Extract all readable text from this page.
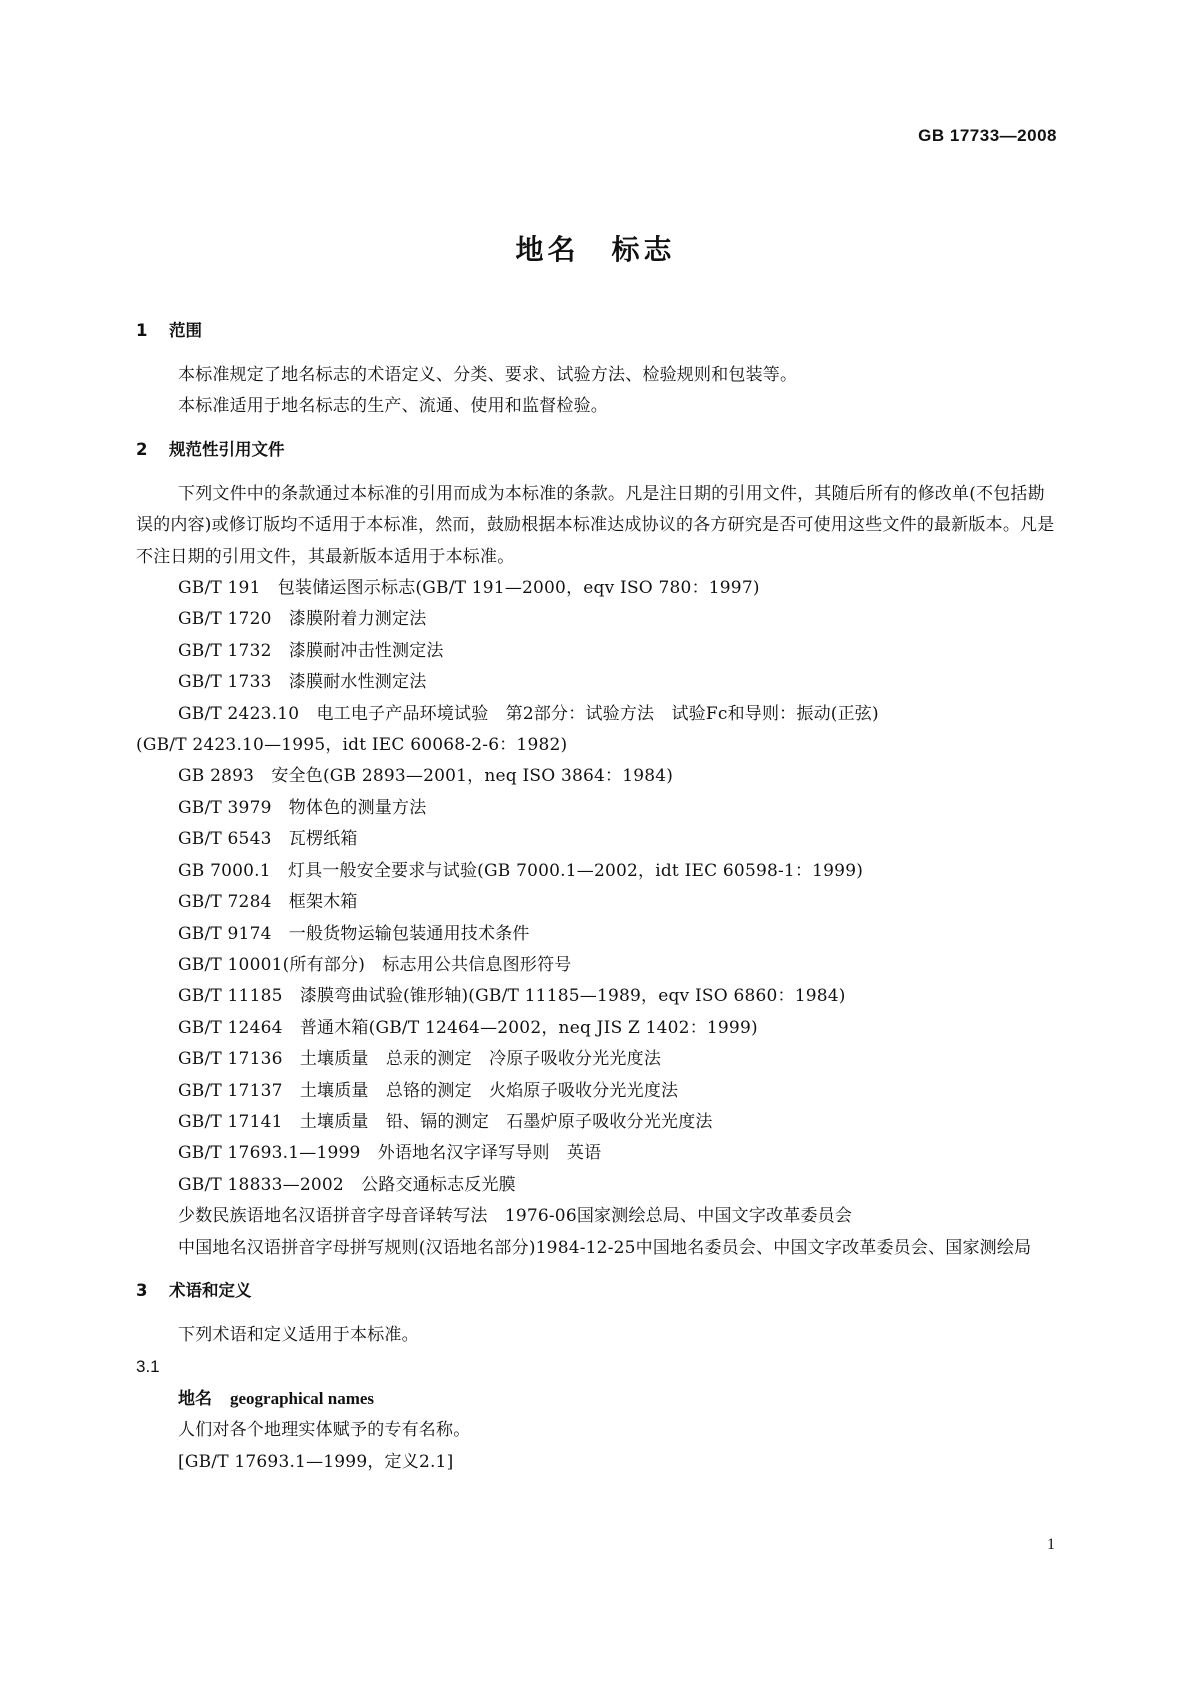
GB 17733—2008
地名　标志
1 范围

本标准规定了地名标志的术语定义、分类、要求、试验方法、检验规则和包装等。

本标准适用于地名标志的生产、流通、使用和监督检验。

2 规范性引用文件

下列文件中的条款通过本标准的引用而成为本标准的条款。凡是注日期的引用文件，其随后所有的修改单(不包括勘误的内容)或修订版均不适用于本标准，然而，鼓励根据本标准达成协议的各方研究是否可使用这些文件的最新版本。凡是不注日期的引用文件，其最新版本适用于本标准。

GB/T 191　包装储运图示标志(GB/T 191—2000，eqv ISO 780：1997)

GB/T 1720　漆膜附着力测定法

GB/T 1732　漆膜耐冲击性测定法

GB/T 1733　漆膜耐水性测定法

GB/T 2423.10　电工电子产品环境试验　第2部分：试验方法　试验Fc和导则：振动(正弦)

(GB/T 2423.10—1995，idt IEC 60068-2-6：1982)

GB 2893　安全色(GB 2893—2001，neq ISO 3864：1984)

GB/T 3979　物体色的测量方法

GB/T 6543　瓦楞纸箱

GB 7000.1　灯具一般安全要求与试验(GB 7000.1—2002，idt IEC 60598-1：1999)

GB/T 7284　框架木箱

GB/T 9174　一般货物运输包装通用技术条件

GB/T 10001(所有部分)　标志用公共信息图形符号

GB/T 11185　漆膜弯曲试验(锥形轴)(GB/T 11185—1989，eqv ISO 6860：1984)

GB/T 12464　普通木箱(GB/T 12464—2002，neq JIS Z 1402：1999)

GB/T 17136　土壤质量　总汞的测定　冷原子吸收分光光度法

GB/T 17137　土壤质量　总铬的测定　火焰原子吸收分光光度法

GB/T 17141　土壤质量　铅、镉的测定　石墨炉原子吸收分光光度法

GB/T 17693.1—1999　外语地名汉字译写导则　英语

GB/T 18833—2002　公路交通标志反光膜

少数民族语地名汉语拼音字母音译转写法　1976-06国家测绘总局、中国文字改革委员会

中国地名汉语拼音字母拼写规则(汉语地名部分)1984-12-25中国地名委员会、中国文字改革委员会、国家测绘局

3 术语和定义

下列术语和定义适用于本标准。

3.1

地名 geographical names

人们对各个地理实体赋予的专有名称。

[GB/T 17693.1—1999，定义2.1]

1
